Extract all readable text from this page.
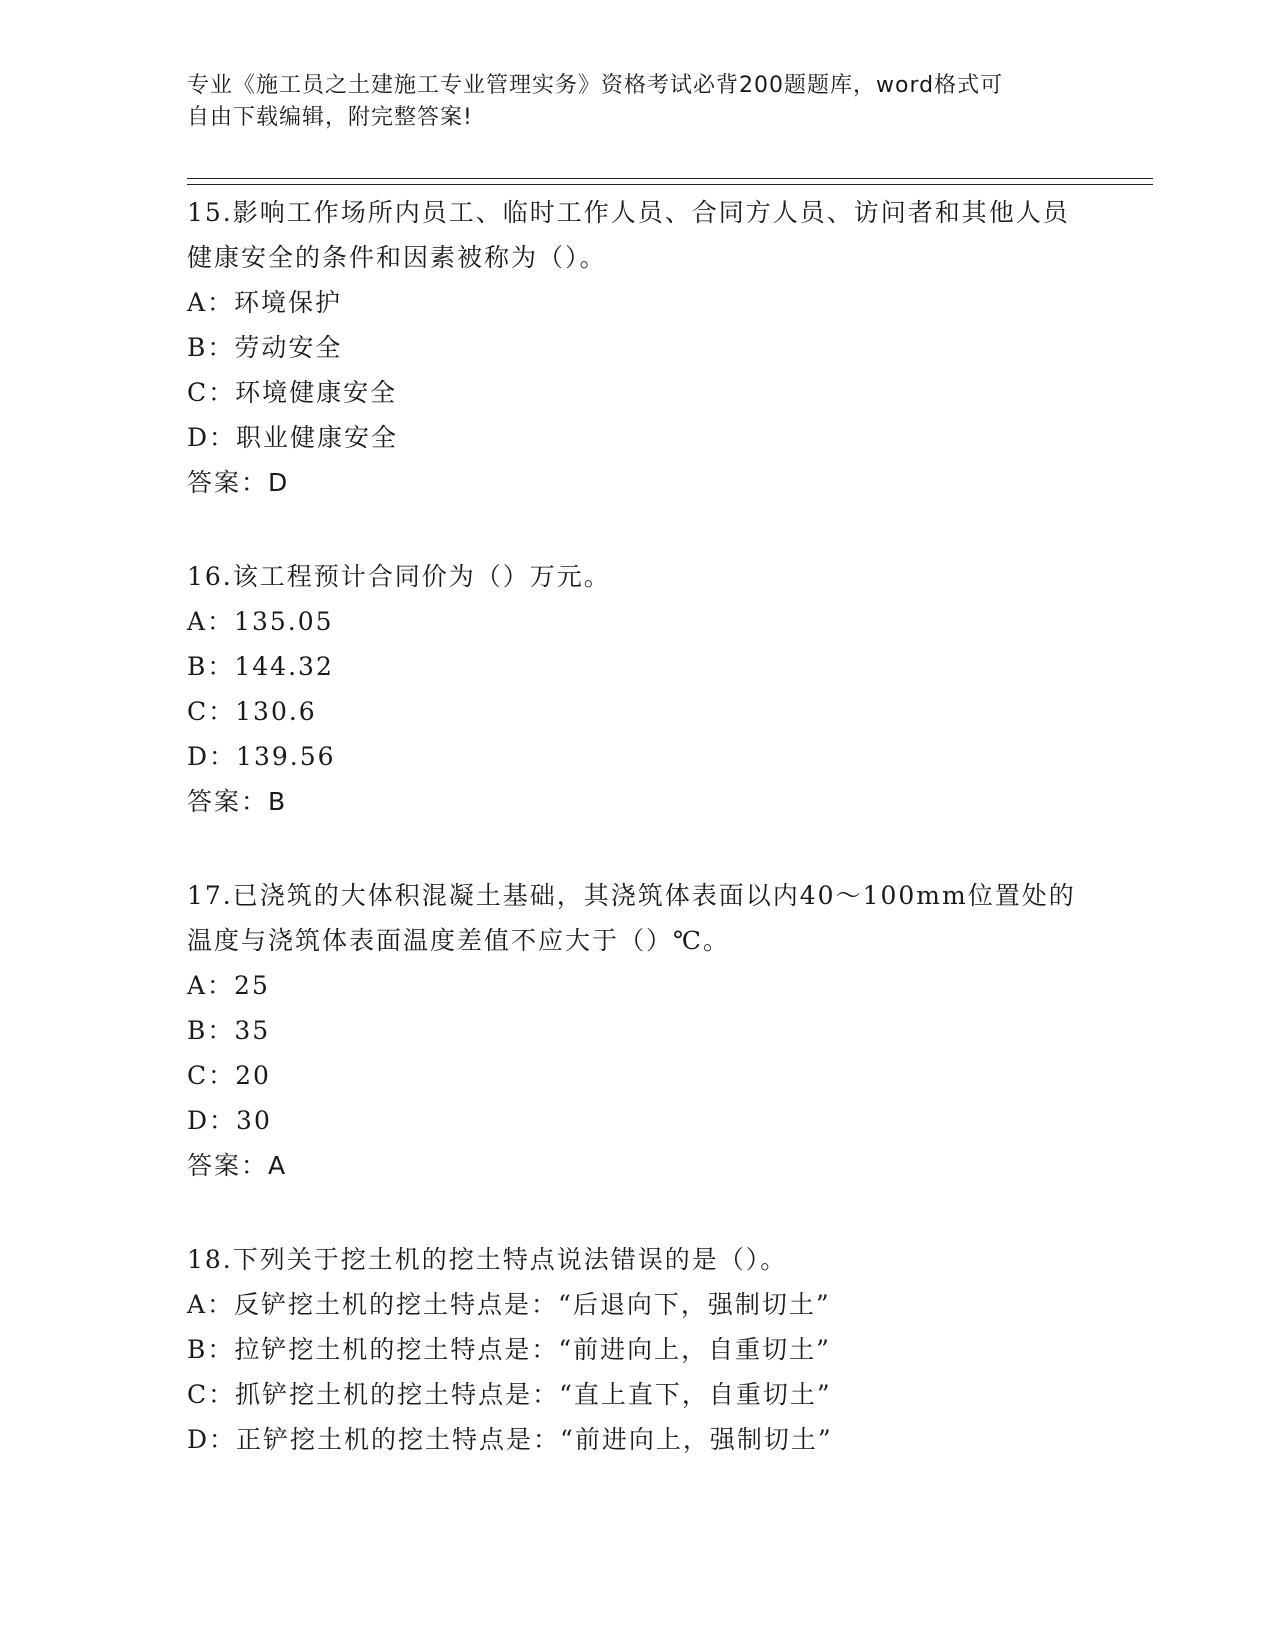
专业《施工员之土建施工专业管理实务》资格考试必背200题题库，word格式可
自由下载编辑，附完整答案!
15.影响工作场所内员工、临时工作人员、合同方人员、访问者和其他人员健康安全的条件和因素被称为（）。
A：环境保护
B：劳动安全
C：环境健康安全
D：职业健康安全
答案：D
16.该工程预计合同价为（）万元。
A：135.05
B：144.32
C：130.6
D：139.56
答案：B
17.已浇筑的大体积混凝土基础，其浇筑体表面以内40～100mm位置处的温度与浇筑体表面温度差值不应大于（）℃。
A：25
B：35
C：20
D：30
答案：A
18.下列关于挖土机的挖土特点说法错误的是（）。
A：反铲挖土机的挖土特点是：“后退向下，强制切土”
B：拉铲挖土机的挖土特点是：“前进向上，自重切土”
C：抓铲挖土机的挖土特点是：“直上直下，自重切土”
D：正铲挖土机的挖土特点是：“前进向上，强制切土”
